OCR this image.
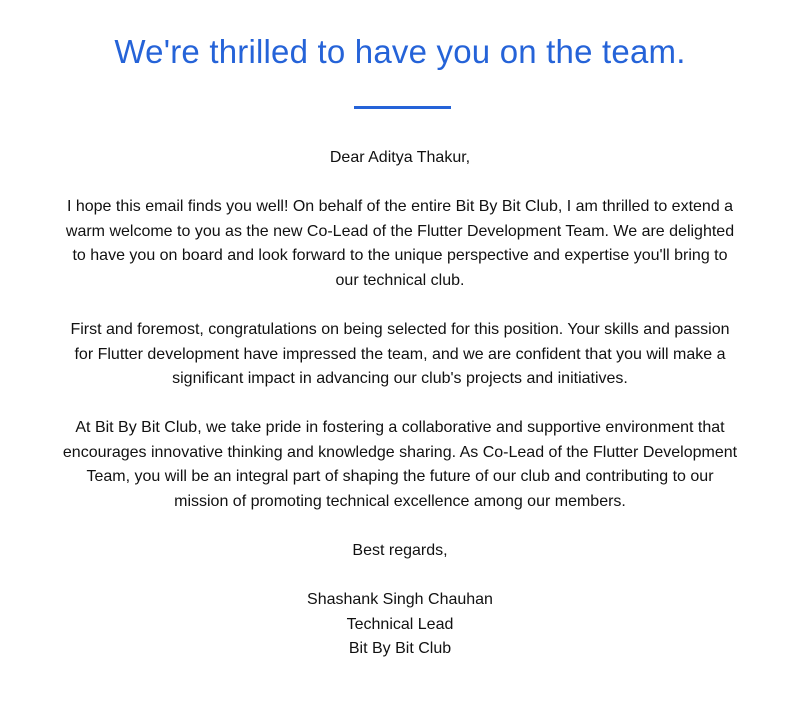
We're thrilled to have you on the team.

Dear Aditya Thakur,

I hope this email finds you well! On behalf of the entire Bit By Bit Club, I am thrilled to extend a warm welcome to you as the new Co-Lead of the Flutter Development Team. We are delighted to have you on board and look forward to the unique perspective and expertise you'll bring to our technical club.

First and foremost, congratulations on being selected for this position. Your skills and passion for Flutter development have impressed the team, and we are confident that you will make a significant impact in advancing our club's projects and initiatives.

At Bit By Bit Club, we take pride in fostering a collaborative and supportive environment that encourages innovative thinking and knowledge sharing. As Co-Lead of the Flutter Development Team, you will be an integral part of shaping the future of our club and contributing to our mission of promoting technical excellence among our members.

Best regards,

Shashank Singh Chauhan

Technical Lead

Bit By Bit Club
